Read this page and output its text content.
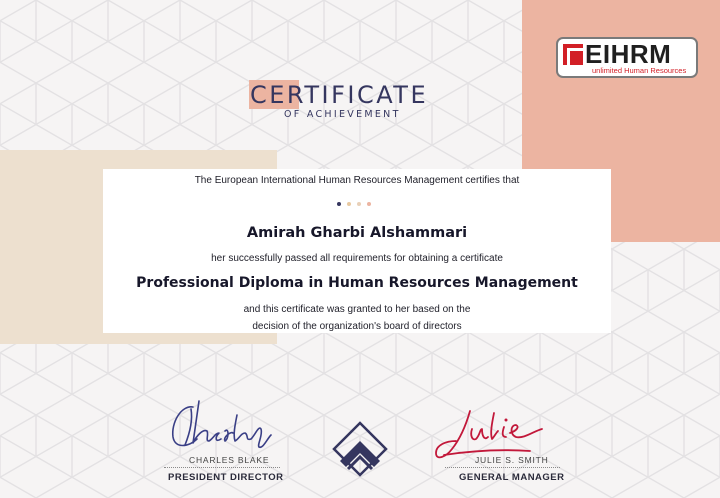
EIHRM
unlimited Human Resources
CERTIFICATE
OF ACHIEVEMENT
The European International Human Resources Management certifies that
Amirah Gharbi Alshammari
her successfully passed all requirements for obtaining a certificate
Professional Diploma in Human Resources Management
and this certificate was granted to her based on the
decision of the organization's board of directors
CHARLES BLAKE
PRESIDENT DIRECTOR
JULIE S. SMITH
GENERAL MANAGER
